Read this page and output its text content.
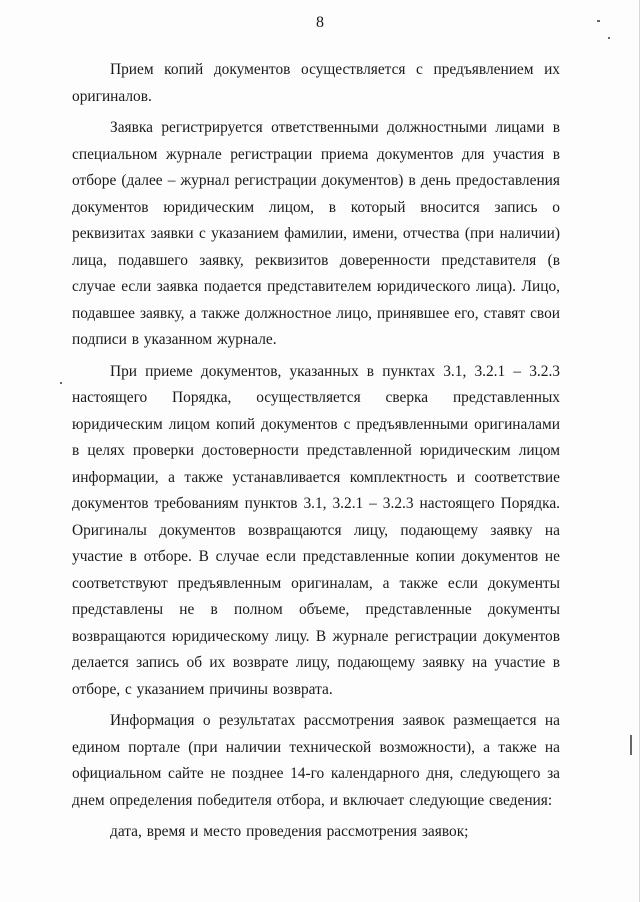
8

Прием копий документов осуществляется с предъявлением их оригиналов.

Заявка регистрируется ответственными должностными лицами в специальном журнале регистрации приема документов для участия в отборе (далее – журнал регистрации документов) в день предоставления документов юридическим лицом, в который вносится запись о реквизитах заявки с указанием фамилии, имени, отчества (при наличии) лица, подавшего заявку, реквизитов доверенности представителя (в случае если заявка подается представителем юридического лица). Лицо, подавшее заявку, а также должностное лицо, принявшее его, ставят свои подписи в указанном журнале.

При приеме документов, указанных в пунктах 3.1, 3.2.1 – 3.2.3 настоящего Порядка, осуществляется сверка представленных юридическим лицом копий документов с предъявленными оригиналами в целях проверки достоверности представленной юридическим лицом информации, а также устанавливается комплектность и соответствие документов требованиям пунктов 3.1, 3.2.1 – 3.2.3 настоящего Порядка. Оригиналы документов возвращаются лицу, подающему заявку на участие в отборе. В случае если представленные копии документов не соответствуют предъявленным оригиналам, а также если документы представлены не в полном объеме, представленные документы возвращаются юридическому лицу. В журнале регистрации документов делается запись об их возврате лицу, подающему заявку на участие в отборе, с указанием причины возврата.

Информация о результатах рассмотрения заявок размещается на едином портале (при наличии технической возможности), а также на официальном сайте не позднее 14-го календарного дня, следующего за днем определения победителя отбора, и включает следующие сведения:

дата, время и место проведения рассмотрения заявок;
